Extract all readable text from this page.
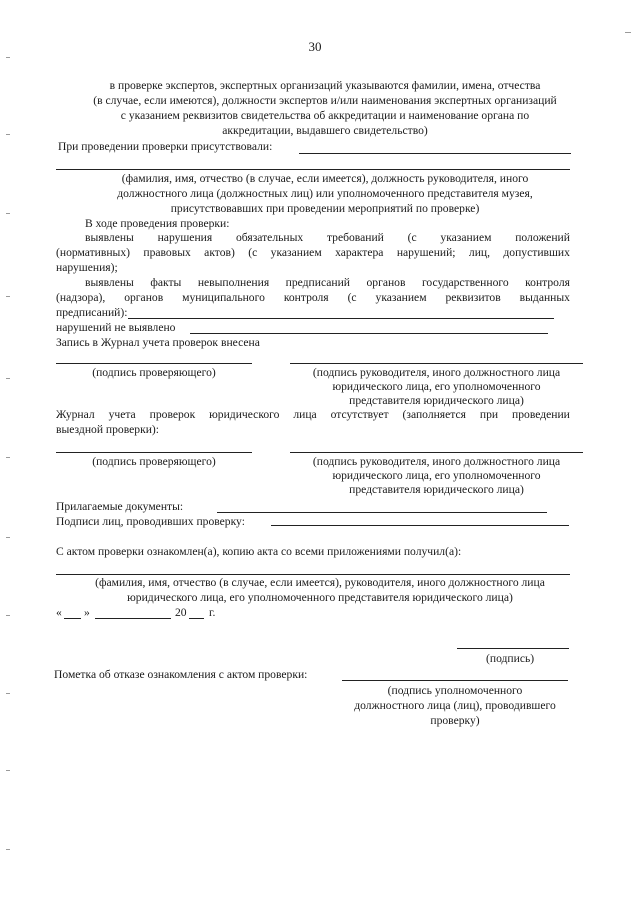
30
в проверке экспертов, экспертных организаций указываются фамилии, имена, отчества
(в случае, если имеются), должности экспертов и/или наименования экспертных организаций
с указанием реквизитов свидетельства об аккредитации и наименование органа по
аккредитации, выдавшего свидетельство)
При проведении проверки присутствовали:
(фамилия, имя, отчество (в случае, если имеется), должность руководителя, иного
должностного лица (должностных лиц) или уполномоченного представителя музея,
присутствовавших при проведении мероприятий по проверке)
В ходе проведения проверки:
выявлены нарушения обязательных требований (с указанием положений
(нормативных) правовых актов) (с указанием характера нарушений; лиц, допустивших
нарушения);
выявлены факты невыполнения предписаний органов государственного контроля
(надзора), органов муниципального контроля (с указанием реквизитов выданных
предписаний):
нарушений не выявлено
Запись в Журнал учета проверок внесена
(подпись проверяющего)	(подпись руководителя, иного должностного лица
юридического лица, его уполномоченного
представителя юридического лица)
Журнал учета проверок юридического лица отсутствует (заполняется при проведении
выездной проверки):
(подпись проверяющего)	(подпись руководителя, иного должностного лица
юридического лица, его уполномоченного
представителя юридического лица)
Прилагаемые документы:
Подписи лиц, проводивших проверку:
С актом проверки ознакомлен(а), копию акта со всеми приложениями получил(а):
(фамилия, имя, отчество (в случае, если имеется), руководителя, иного должностного лица
юридического лица, его уполномоченного представителя юридического лица)
« »	20 г.
(подпись)
Пометка об отказе ознакомления с актом проверки:
(подпись уполномоченного
должностного лица (лиц), проводившего
проверку)
